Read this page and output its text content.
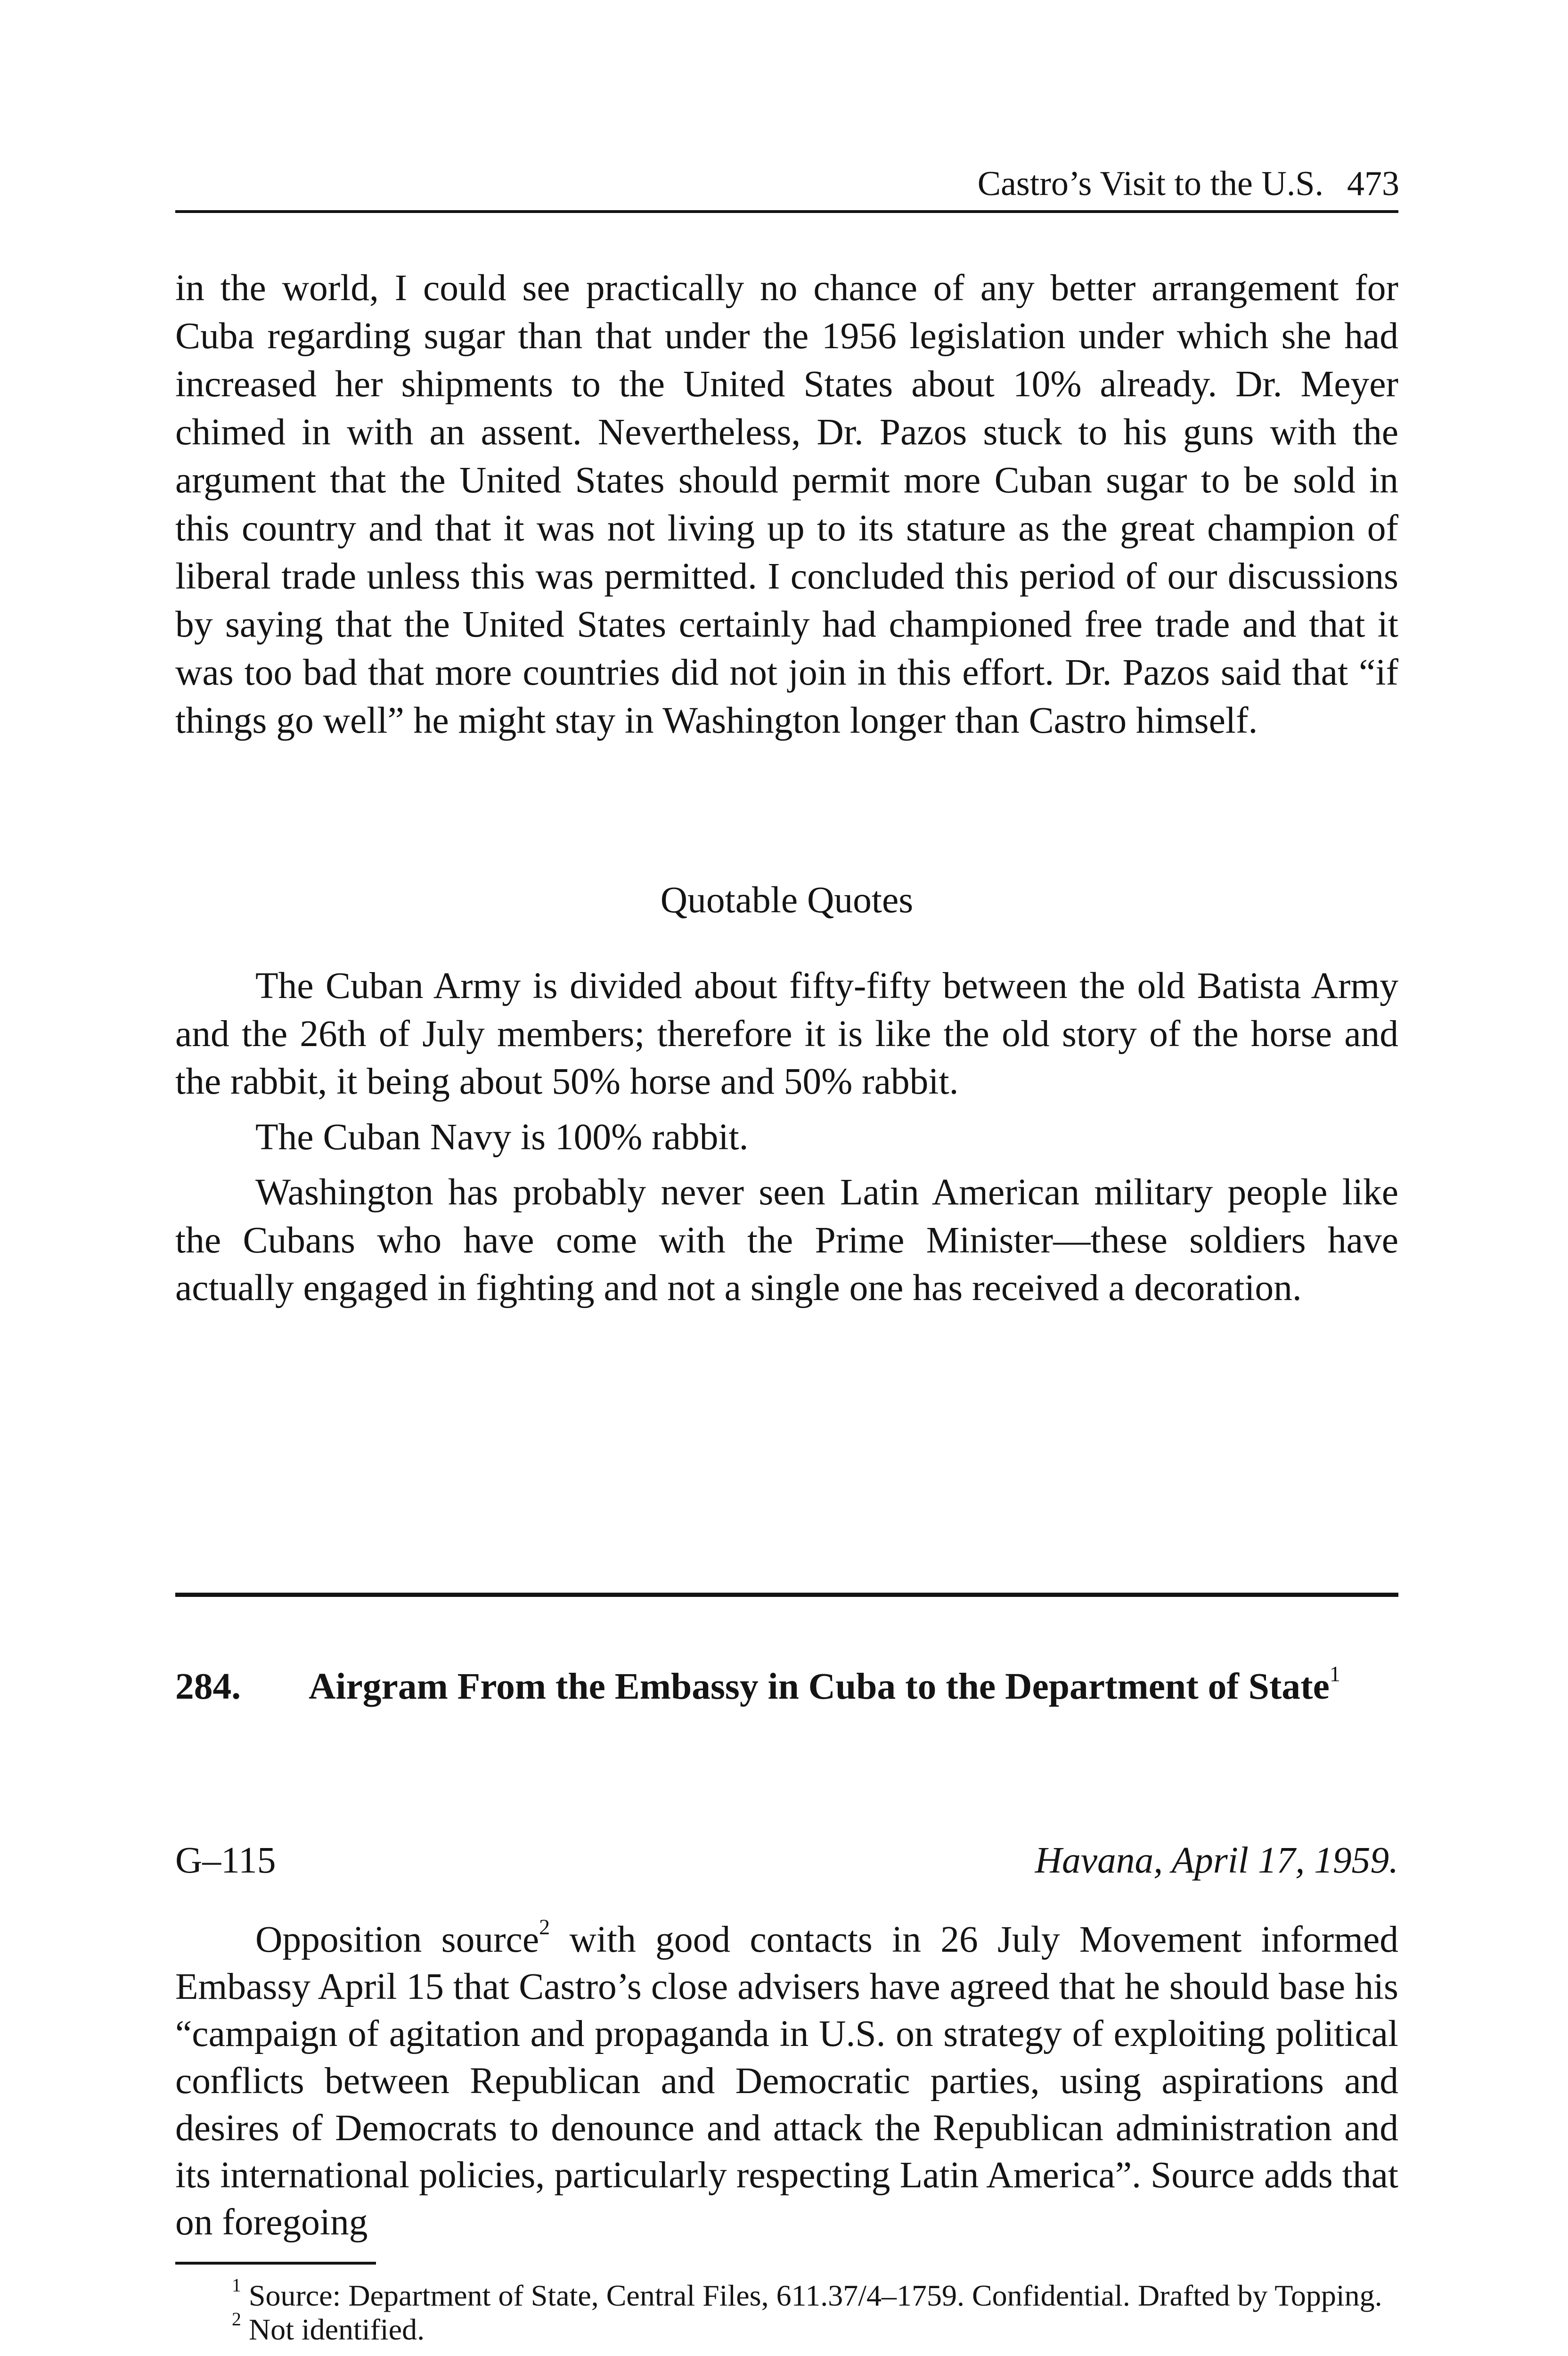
Castro’s Visit to the U.S. 473

in the world, I could see practically no chance of any better arrangement for Cuba regarding sugar than that under the 1956 legislation under which she had increased her shipments to the United States about 10% already. Dr. Meyer chimed in with an assent. Nevertheless, Dr. Pazos stuck to his guns with the argument that the United States should permit more Cuban sugar to be sold in this country and that it was not living up to its stature as the great champion of liberal trade unless this was permitted. I concluded this period of our discussions by saying that the United States certainly had championed free trade and that it was too bad that more countries did not join in this effort. Dr. Pazos said that “if things go well” he might stay in Washington longer than Castro himself.

Quotable Quotes

The Cuban Army is divided about fifty-fifty between the old Batista Army and the 26th of July members; therefore it is like the old story of the horse and the rabbit, it being about 50% horse and 50% rabbit.

The Cuban Navy is 100% rabbit.

Washington has probably never seen Latin American military people like the Cubans who have come with the Prime Minister—these soldiers have actually engaged in fighting and not a single one has received a decoration.

284. Airgram From the Embassy in Cuba to the Department of State$^1$
G–115	Havana, April 17, 1959.

Opposition source$^2$ with good contacts in 26 July Movement informed Embassy April 15 that Castro’s close advisers have agreed that he should base his “campaign of agitation and propaganda in U.S. on strategy of exploiting political conflicts between Republican and Democratic parties, using aspirations and desires of Democrats to denounce and attack the Republican administration and its international policies, particularly respecting Latin America”. Source adds that on foregoing

$^1$ Source: Department of State, Central Files, 611.37/4–1759. Confidential. Drafted by Topping.

$^2$ Not identified.
